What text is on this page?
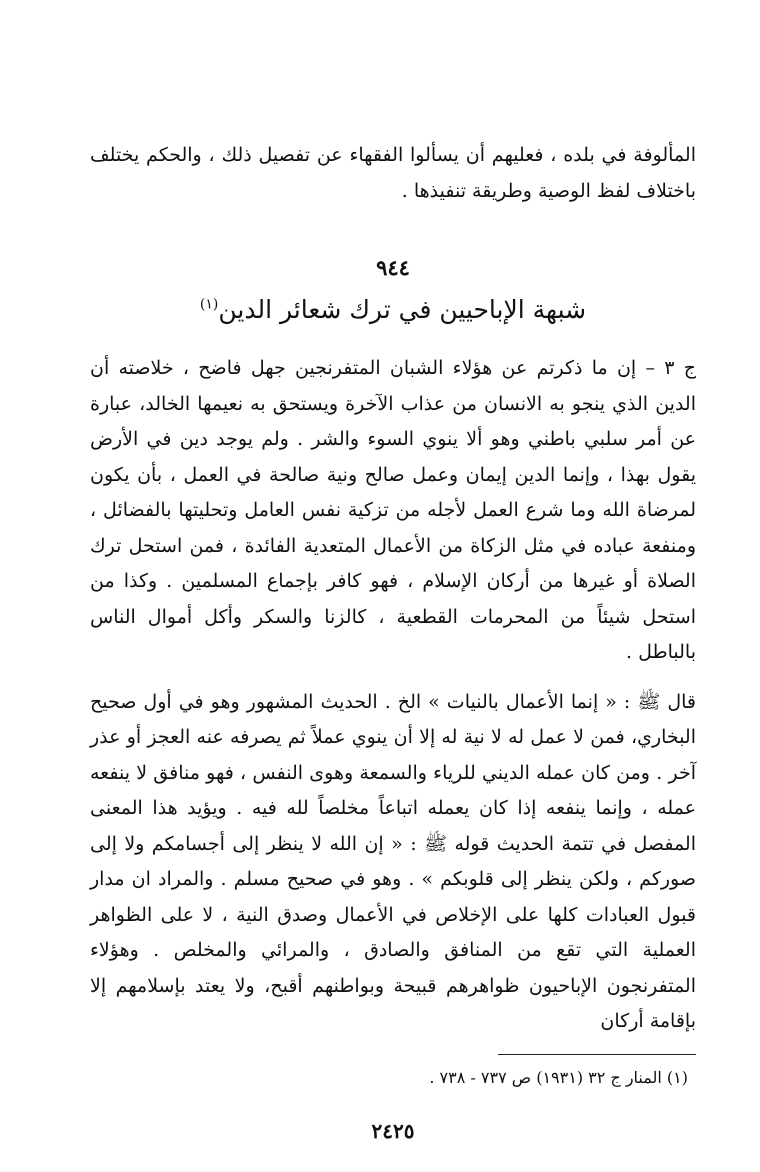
المألوفة في بلده ، فعليهم أن يسألوا الفقهاء عن تفصيل ذلك ، والحكم يختلف باختلاف لفظ الوصية وطريقة تنفيذها .

٩٤٤
شبهة الإباحيين في ترك شعائر الدين$^{(١)}$

ج ٣ – إن ما ذكرتم عن هؤلاء الشبان المتفرنجين جهل فاضح ، خلاصته أن الدين الذي ينجو به الانسان من عذاب الآخرة ويستحق به نعيمها الخالد، عبارة عن أمر سلبي باطني وهو ألا ينوي السوء والشر . ولم يوجد دين في الأرض يقول بهذا ، وإنما الدين إيمان وعمل صالح ونية صالحة في العمل ، بأن يكون لمرضاة الله وما شرع العمل لأجله من تزكية نفس العامل وتحليتها بالفضائل ، ومنفعة عباده في مثل الزكاة من الأعمال المتعدية الفائدة ، فمن استحل ترك الصلاة أو غيرها من أركان الإسلام ، فهو كافر بإجماع المسلمين . وكذا من استحل شيئاً من المحرمات القطعية ، كالزنا والسكر وأكل أموال الناس بالباطل .

قال ﷺ : « إنما الأعمال بالنيات » الخ . الحديث المشهور وهو في أول صحيح البخاري، فمن لا عمل له لا نية له إلا أن ينوي عملاً ثم يصرفه عنه العجز أو عذر آخر . ومن كان عمله الديني للرياء والسمعة وهوى النفس ، فهو منافق لا ينفعه عمله ، وإنما ينفعه إذا كان يعمله اتباعاً مخلصاً لله فيه . ويؤيد هذا المعنى المفصل في تتمة الحديث قوله ﷺ : « إن الله لا ينظر إلى أجسامكم ولا إلى صوركم ، ولكن ينظر إلى قلوبكم » . وهو في صحيح مسلم . والمراد ان مدار قبول العبادات كلها على الإخلاص في الأعمال وصدق النية ، لا على الظواهر العملية التي تقع من المنافق والصادق ، والمرائي والمخلص . وهؤلاء المتفرنجون الإباحيون ظواهرهم قبيحة وبواطنهم أقبح، ولا يعتد بإسلامهم إلا بإقامة أركان

(١) المنار ج ٣٢ (١٩٣١) ص ٧٣٧ - ٧٣٨ .

٢٤٢٥
